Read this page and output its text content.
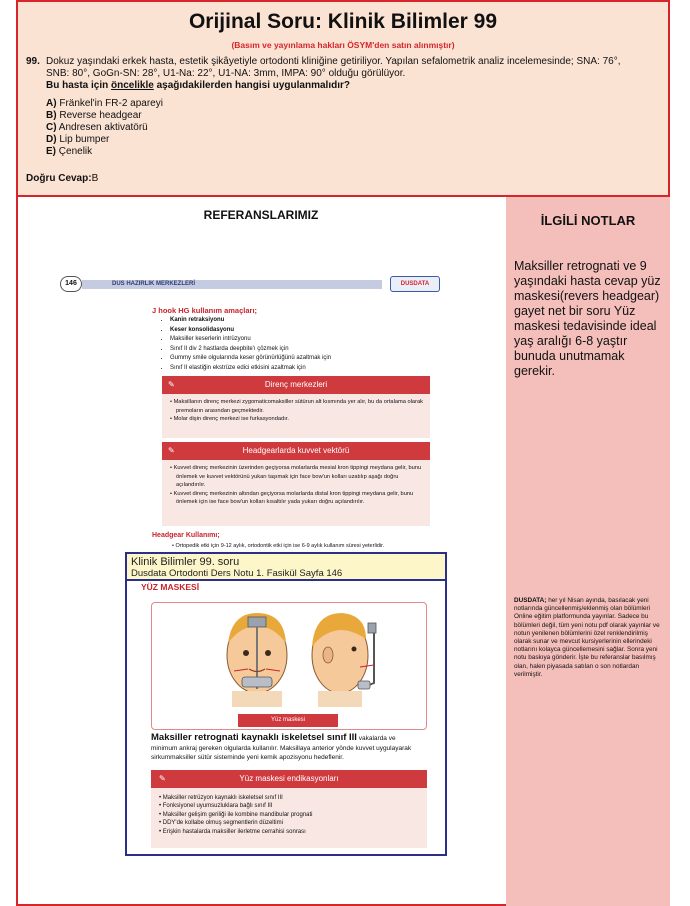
Orijinal Soru: Klinik Bilimler 99
(Basım ve yayınlama hakları ÖSYM'den satın alınmıştır)
99. Dokuz yaşındaki erkek hasta, estetik şikâyetiyle ortodonti kliniğine getiriliyor. Yapılan sefalometrik analiz incelemesinde; SNA: 76°, SNB: 80°, GoGn-SN: 28°, U1-Na: 22°, U1-NA: 3mm, IMPA: 90° olduğu görülüyor.
Bu hasta için öncelikle aşağıdakilerden hangisi uygulanmalıdır?
A) Fränkel'in FR-2 apareyi
B) Reverse headgear
C) Andresen aktivatörü
D) Lip bumper
E) Çenelik
Doğru Cevap:B
REFERANSLARIMIZ	İLGİLİ NOTLAR
Maksiller retrognati ve 9 yaşındaki hasta cevap yüz maskesi(revers headgear) gayet net bir soru Yüz maskesi tedavisinde ideal yaş aralığı 6-8 yaştır bunuda unutmamak gerekir.
DUSDATA; her yıl Nisan ayında, basılacak yeni notlarında güncellenmiş/eklenmiş olan bölümleri Online eğitim platformunda yayınlar. Sadece bu bölümleri değil, tüm yeni notu pdf olarak yayınlar ve notun yenilenen bölümlerini özel renklendirilmiş olarak sunar ve mevcut kursiyerlerinin ellerindeki notlarını kolayca güncellemesini sağlar. Sonra yeni notu baskıya gönderir. İşte bu referanslar basılmış olan, halen piyasada satılan o son notlardan verilmiştir.
DUS HAZIRLIK MERKEZLERİ
146	DUSDATA
J hook HG kullanım amaçları;
• Kanin retraksiyonu
• Keser konsolidasyonu
• Maksiller keserlerin intrüzyonu
• Sınıf II div 2 hastlarda deepbite'ı çözmek için
• Gummy smile olgularında keser görünürlüğünü azaltmak için
• Sınıf II elastiğin ekstrüze edici etkisini azaltmak için
✎	Direnç merkezleri
• Maksillanın direnç merkezi zygomaticomaksiller sütürun alt kısmında yer alır, bu da ortalama olarak premoların arasından geçmektedir.
• Molar dişin direnç merkezi ise furkasyondadır.
✎	Headgearlarda kuvvet vektörü
• Kuvvet direnç merkezinin üzerinden geçiyorsa molarlarda mesial kron tippingi meydana gelir, bunu önlemek ve kuvvet vektörünü yukarı taşımak için face bow'un kolları uzatılıp aşağı doğru açılandırılır.
• Kuvvet direnç merkezinin altından geçiyorsa molarlarda distal kron tippingi meydana gelir, bunu önlemek için ise face bow'un kolları kısaltılır yada yukarı doğru açılandırılır.
Headgear Kullanımı;
• Ortopedik etki için 9-12 aylık, ortodontik etki için ise 6-9 aylık kullanım süresi yeterlidir.
Klinik Bilimler 99. soru
Dusdata Ortodonti Ders Notu 1. Fasikül Sayfa 146
YÜZ MASKESİ
Yüz maskesi
Maksiller retrognati kaynaklı iskeletsel sınıf III vakalarda ve
minimum ankraj gereken olgularda kullanılır. Maksillaya anterior yönde kuvvet uygulayarak sirkummaksiller sütür sisteminde yeni kemik apozisyonu hedeflenir.
✎	Yüz maskesi endikasyonları
• Maksiller retrüzyon kaynaklı iskeletsel sınıf III
• Fonksiyonel uyumsuzluklara bağlı sınıf III
• Maksiller gelişim geriliği ile kombine mandibular prognati
• DDY'de kollabe olmuş segmentlerin düzeltimi
• Erişkin hastalarda maksiller ilerletme cerrahisi sonrası
